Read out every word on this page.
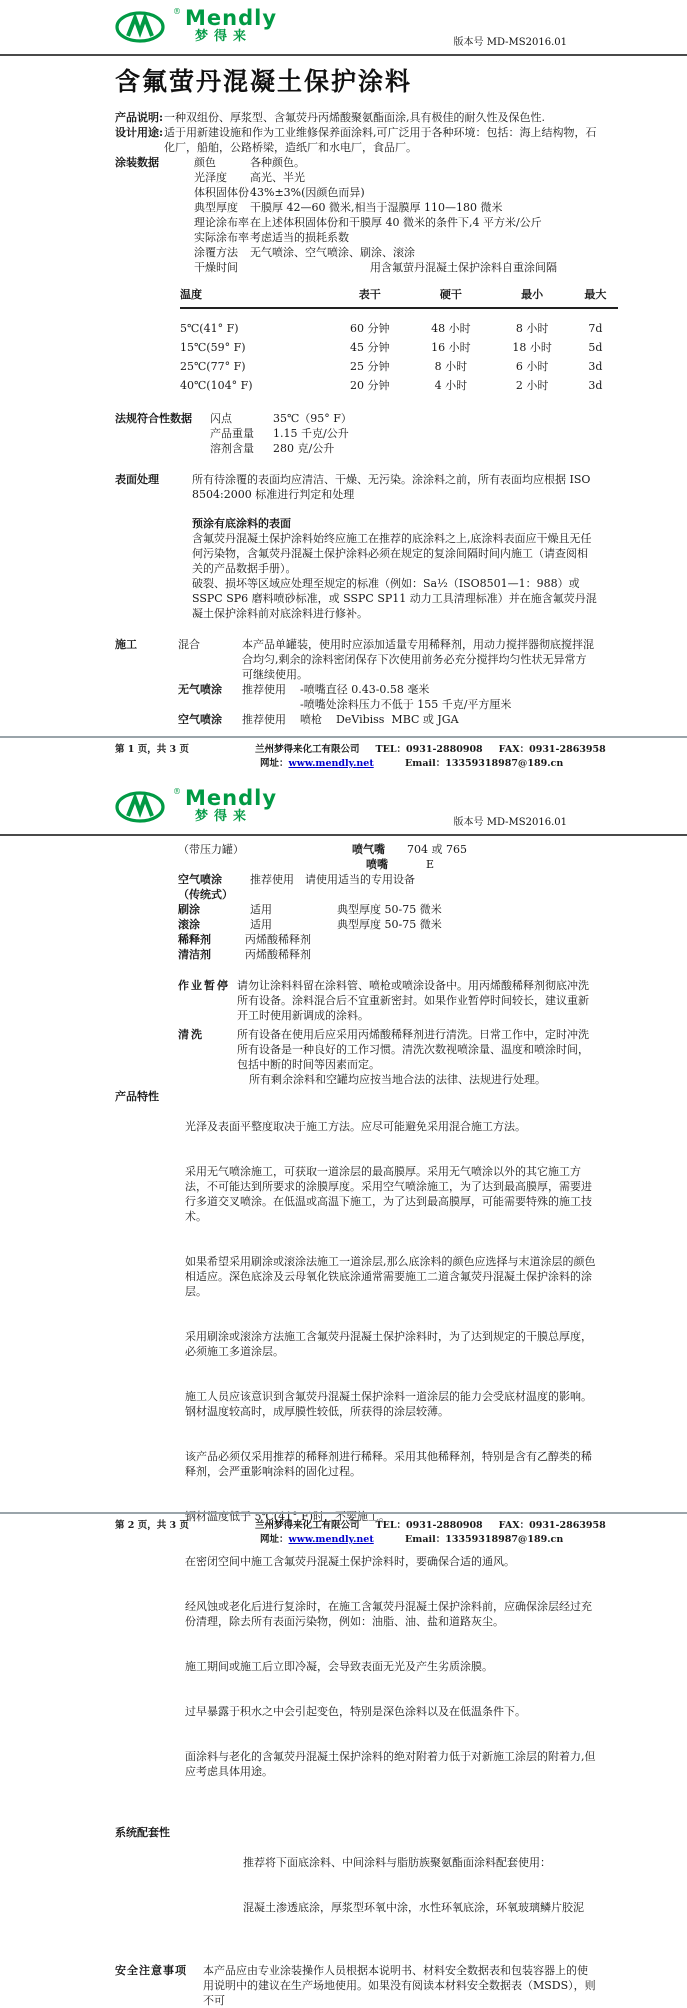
® Mendly
梦得来	版本号 MD-MS2016.01
含氟萤丹混凝土保护涂料
产品说明: 一种双组份、厚浆型、含氟荧丹丙烯酸聚氨酯面涂,具有极佳的耐久性及保色性.
设计用途: 适于用新建设施和作为工业维修保养面涂料,可广泛用于各种环境：包括：海上结构物，石化厂，船舶，公路桥梁，造纸厂和水电厂，食品厂。
涂装数据	颜色	各种颜色。
光泽度	高光、半光
体积固体份 43%±3%(因颜色而异)
典型厚度	干膜厚 42—60 微米,相当于湿膜厚 110—180 微米
理论涂布率 在上述体积固体份和干膜厚 40 微米的条件下,4 平方米/公斤
实际涂布率 考虑适当的损耗系数
涂覆方法	无气喷涂、空气喷涂、刷涂、滚涂
干燥时间	用含氟萤丹混凝土保护涂料自重涂间隔
温度	表干	硬干	最小	最大
5℃(41° F)	60 分钟	48 小时	8 小时	7d
15℃(59° F)	45 分钟	16 小时	18 小时	5d
25℃(77° F)	25 分钟	8 小时	6 小时	3d
40℃(104° F)	20 分钟	4 小时	2 小时	3d
法规符合性数据	闪点	35℃（95° F）
产品重量	1.15 千克/公升
溶剂含量	280 克/公升
表面处理	所有待涂覆的表面均应清洁、干燥、无污染。涂涂料之前，所有表面均应根据 ISO 8504:2000 标准进行判定和处理
预涂有底涂料的表面

含氟荧丹混凝土保护涂料始终应施工在推荐的底涂料之上,底涂料表面应干燥且无任何污染物，含氟荧丹混凝土保护涂料必须在规定的复涂间隔时间内施工（请查阅相关的产品数据手册）。

破裂、损坏等区域应处理至规定的标准（例如：Sa½（ISO8501—1：988）或 SSPC SP6 磨料喷砂标准，或 SSPC SP11 动力工具清理标准）并在施含氟荧丹混凝土保护涂料前对底涂料进行修补。

施工	混合	本产品单罐装，使用时应添加适量专用稀释剂，用动力搅拌器彻底搅拌混合均匀,剩余的涂料密闭保存下次使用前务必充分搅拌均匀性状无异常方可继续使用。
无气喷涂	推荐使用	-喷嘴直径 0.43-0.58 毫米
-喷嘴处涂料压力不低于 155 千克/平方厘米
空气喷涂	推荐使用	喷枪    DeVibiss  MBC 或 JGA
第 1 页，共 3 页	兰州梦得来化工有限公司 TEL：0931-2880908 FAX：0931-2863958
网址：www.mendly.net	Email：13359318987@189.cn
® Mendly
梦得来	版本号 MD-MS2016.01
（带压力罐）	喷气嘴	704 或 765
喷嘴	E
空气喷涂	推荐使用	请使用适当的专用设备
（传统式）
刷涂	适用	典型厚度 50-75 微米
滚涂	适用	典型厚度 50-75 微米
稀释剂	丙烯酸稀释剂
清洁剂	丙烯酸稀释剂
作业暂停 请勿让涂料料留在涂料管、喷枪或喷涂设备中。用丙烯酸稀释剂彻底冲洗所有设备。涂料混合后不宜重新密封。如果作业暂停时间较长，建议重新开工时使用新调成的涂料。
清洗	所有设备在使用后应采用丙烯酸稀释剂进行清洗。日常工作中，定时冲洗所有设备是一种良好的工作习惯。清洗次数视喷涂量、温度和喷涂时间，包括中断的时间等因素而定。
所有剩余涂料和空罐均应按当地合法的法律、法规进行处理。
产品特性

光泽及表面平整度取决于施工方法。应尽可能避免采用混合施工方法。

采用无气喷涂施工，可获取一道涂层的最高膜厚。采用无气喷涂以外的其它施工方法，不可能达到所要求的涂膜厚度。采用空气喷涂施工，为了达到最高膜厚，需要进行多道交叉喷涂。在低温或高温下施工，为了达到最高膜厚，可能需要特殊的施工技术。

如果希望采用刷涂或滚涂法施工一道涂层,那么底涂料的颜色应选择与末道涂层的颜色相适应。深色底涂及云母氧化铁底涂通常需要施工二道含氟荧丹混凝土保护涂料的涂层。

采用刷涂或滚涂方法施工含氟荧丹混凝土保护涂料时，为了达到规定的干膜总厚度，必须施工多道涂层。

施工人员应该意识到含氟荧丹混凝土保护涂料一道涂层的能力会受底材温度的影响。钢材温度较高时，成厚膜性较低，所获得的涂层较薄。

该产品必须仅采用推荐的稀释剂进行稀释。采用其他稀释剂，特别是含有乙醇类的稀释剂，会严重影响涂料的固化过程。

钢材温度低于 5℃(41° F)时，不要施工。

在密闭空间中施工含氟荧丹混凝土保护涂料时，要确保合适的通风。

经风蚀或老化后进行复涂时，在施工含氟荧丹混凝土保护涂料前，应确保涂层经过充份清理，除去所有表面污染物，例如：油脂、油、盐和道路灰尘。

施工期间或施工后立即冷凝，会导致表面无光及产生劣质涂膜。

过早暴露于积水之中会引起变色，特别是深色涂料以及在低温条件下。

面涂料与老化的含氟荧丹混凝土保护涂料的绝对附着力低于对新施工涂层的附着力,但应考虑具体用途。

系统配套性

推荐将下面底涂料、中间涂料与脂肪族聚氨酯面涂料配套使用：

混凝土渗透底涂，厚浆型环氧中涂，水性环氧底涂，环氧玻璃鳞片胶泥

安全注意事项	本产品应由专业涂装操作人员根据本说明书、材料安全数据表和包装容器上的使用说明中的建议在生产场地使用。如果没有阅读本材料安全数据表（MSDS），则不可
第 2 页，共 3 页	兰州梦得来化工有限公司 TEL：0931-2880908 FAX：0931-2863958
网址：www.mendly.net	Email：13359318987@189.cn
